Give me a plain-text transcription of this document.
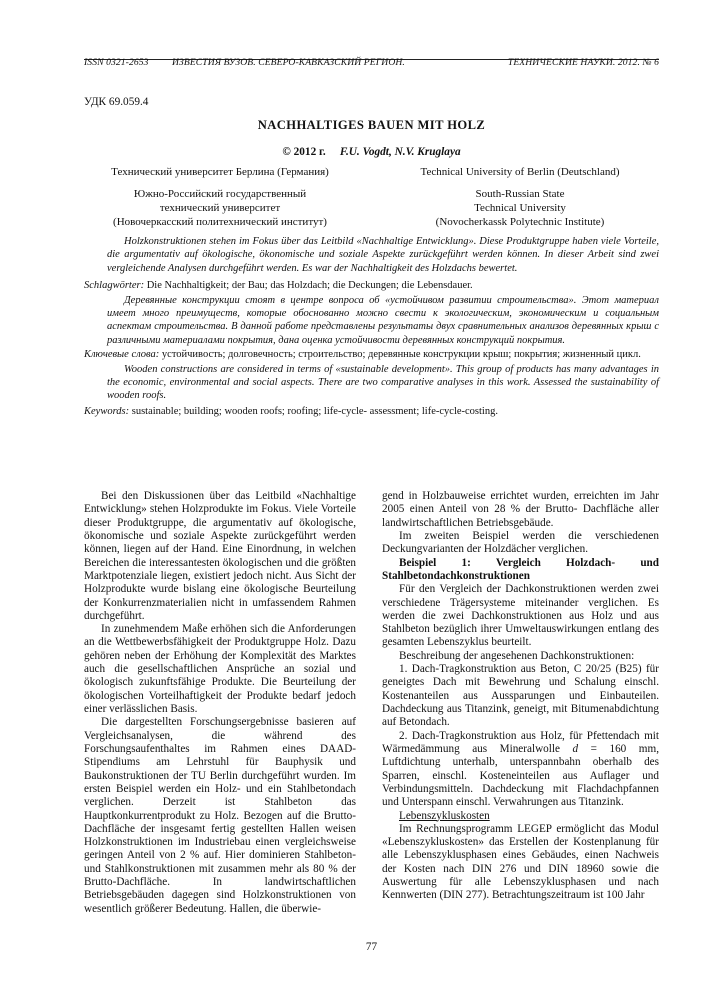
ISSN 0321-2653 ИЗВЕСТИЯ ВУЗОВ. СЕВЕРО-КАВКАЗСКИЙ РЕГИОН.	ТЕХНИЧЕСКИЕ НАУКИ. 2012. № 6
УДК 69.059.4
NACHHALTIGES BAUEN MIT HOLZ
© 2012 г. F.U. Vogdt, N.V. Kruglaya
Технический университет Берлина (Германия)	Technical University of Berlin (Deutschland)
Южно-Российский государственный
технический университет
(Новочеркасский политехнический институт)
South-Russian State
Technical University
(Novocherkassk Polytechnic Institute)

Holzkonstruktionen stehen im Fokus über das Leitbild «Nachhaltige Entwicklung». Diese Produktgruppe haben viele Vorteile, die argumentativ auf ökologische, ökonomische und soziale Aspekte zurückgeführt werden können. In dieser Arbeit sind zwei vergleichende Analysen durchgeführt werden. Es war der Nachhaltigkeit des Holzdachs bewertet.

Schlagwörter: Die Nachhaltigkeit; der Bau; das Holzdach; die Deckungen; die Lebensdauer.

Деревянные конструкции стоят в центре вопроса об «устойчивом развитии строительства». Этот материал имеет много преимуществ, которые обоснованно можно свести к экологическим, экономическим и социальным аспектам строительства. В данной работе представлены результаты двух сравнительных анализов деревянных крыш с различными материалами покрытия, дана оценка устойчивости деревянных конструкций покрытия.

Ключевые слова: устойчивость; долговечность; строительство; деревянные конструкции крыш; покрытия; жизненный цикл.

Wooden constructions are considered in terms of «sustainable development». This group of products has many advantages in the economic, environmental and social aspects. There are two comparative analyses in this work. Assessed the sustainability of wooden roofs.

Keywords: sustainable; building; wooden roofs; roofing; life-cycle- assessment; life-cycle-costing.

Bei den Diskussionen über das Leitbild «Nachhaltige Entwicklung» stehen Holzprodukte im Fokus. Viele Vorteile dieser Produktgruppe, die argumentativ auf ökologische, ökonomische und soziale Aspekte zurückgeführt werden können, liegen auf der Hand. Eine Einordnung, in welchen Bereichen die interessantesten ökologischen und die größten Marktpotenziale liegen, existiert jedoch nicht. Aus Sicht der Holzprodukte wurde bislang eine ökologische Beurteilung der Konkurrenzmaterialien nicht in umfassendem Rahmen durchgeführt.

In zunehmendem Maße erhöhen sich die Anforderungen an die Wettbewerbsfähigkeit der Produktgruppe Holz. Dazu gehören neben der Erhöhung der Komplexität des Marktes auch die gesellschaftlichen Ansprüche an sozial und ökologisch zukunftsfähige Produkte. Die Beurteilung der ökologischen Vorteilhaftigkeit der Produkte bedarf jedoch einer verlässlichen Basis.

Die dargestellten Forschungsergebnisse basieren auf Vergleichsanalysen, die während des Forschungsaufenthaltes im Rahmen eines DAAD-Stipendiums am Lehrstuhl für Bauphysik und Baukonstruktionen der TU Berlin durchgeführt wurden. Im ersten Beispiel werden ein Holz- und ein Stahlbetondach verglichen. Derzeit ist Stahlbeton das Hauptkonkurrentprodukt zu Holz. Bezogen auf die Brutto-Dachfläche der insgesamt fertig gestellten Hallen weisen Holzkonstruktionen im Industriebau einen vergleichsweise geringen Anteil von 2 % auf. Hier dominieren Stahlbeton- und Stahlkonstruktionen mit zusammen mehr als 80 % der Brutto-Dachfläche. In landwirtschaftlichen Betriebsgebäuden dagegen sind Holzkonstruktionen von wesentlich größerer Bedeutung. Hallen, die überwie-

gend in Holzbauweise errichtet wurden, erreichten im Jahr 2005 einen Anteil von 28 % der Brutto- Dachfläche aller landwirtschaftlichen Betriebsgebäude.

Im zweiten Beispiel werden die verschiedenen Deckungvarianten der Holzdächer verglichen.

Beispiel 1: Vergleich Holzdach- und Stahlbetondachkonstruktionen

Für den Vergleich der Dachkonstruktionen werden zwei verschiedene Trägersysteme miteinander verglichen. Es werden die zwei Dachkonstruktionen aus Holz und aus Stahlbeton bezüglich ihrer Umweltauswirkungen entlang des gesamten Lebenszyklus beurteilt.

Beschreibung der angesehenen Dachkonstruktionen:

1. Dach-Tragkonstruktion aus Beton, C 20/25 (B25) für geneigtes Dach mit Bewehrung und Schalung einschl. Kostenanteilen aus Aussparungen und Einbauteilen. Dachdeckung aus Titanzink, geneigt, mit Bitumenabdichtung auf Betondach.

2. Dach-Tragkonstruktion aus Holz, für Pfettendach mit Wärmedämmung aus Mineralwolle d = 160 mm, Luftdichtung unterhalb, unterspannbahn oberhalb des Sparren, einschl. Kosteneinteilen aus Auflager und Verbindungsmitteln. Dachdeckung mit Flachdachpfannen und Unterspann einschl. Verwahrungen aus Titanzink.

Lebenszykluskosten

Im Rechnungsprogramm LEGEP ermöglicht das Modul «Lebenszykluskosten» das Erstellen der Kostenplanung für alle Lebenszyklusphasen eines Gebäudes, einen Nachweis der Kosten nach DIN 276 und DIN 18960 sowie die Auswertung für alle Lebenszyklusphasen und nach Kennwerten (DIN 277). Betrachtungszeitraum ist 100 Jahr

77
